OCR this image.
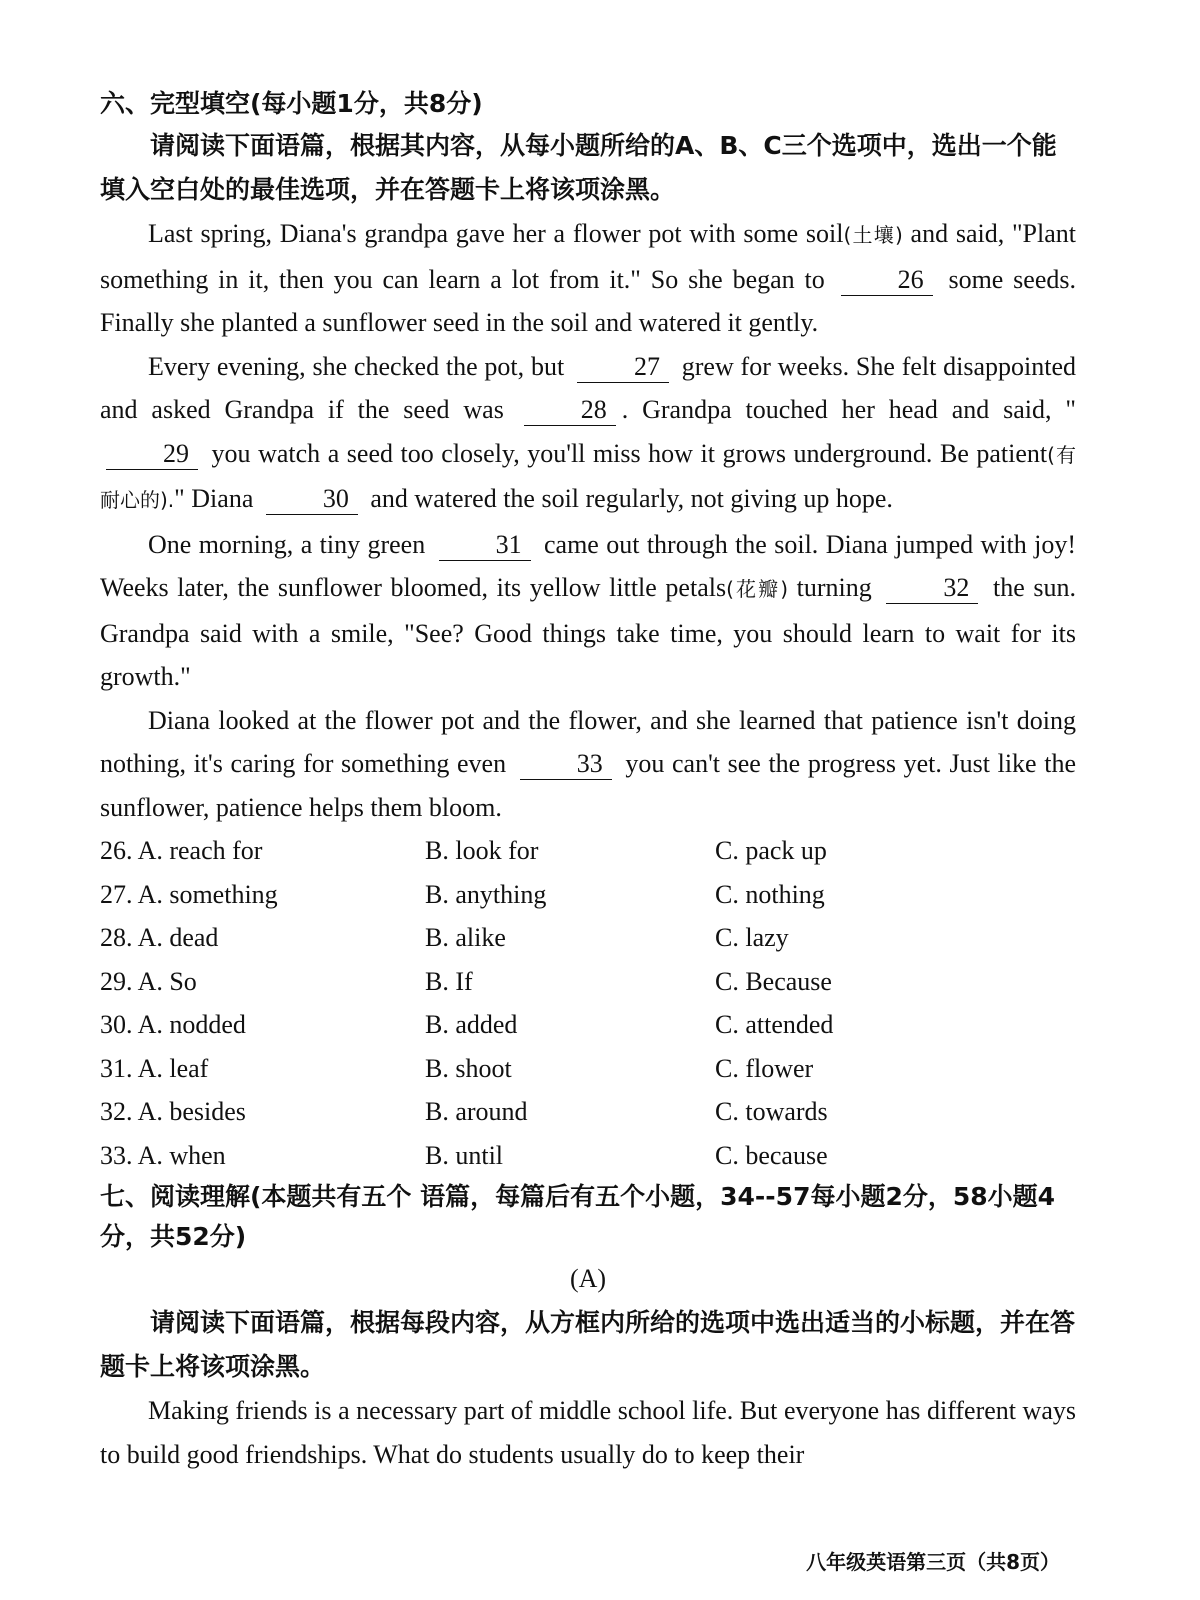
六、完型填空(每小题1分，共8分)

请阅读下面语篇，根据其内容，从每小题所给的A、B、C三个选项中，选出一个能填入空白处的最佳选项，并在答题卡上将该项涂黑。

Last spring, Diana's grandpa gave her a flower pot with some soil(土壤) and said, "Plant something in it, then you can learn a lot from it." So she began to	26 some seeds. Finally she planted a sunflower seed in the soil and watered it gently.

Every evening, she checked the pot, but	27 grew for weeks. She felt disappointed and asked Grandpa if the seed was	28 . Grandpa touched her head and said, "29 you watch a seed too closely, you'll miss how it grows underground. Be patient(有耐心的)." Diana	30 and watered the soil regularly, not giving up hope.

One morning, a tiny green	31 came out through the soil. Diana jumped with joy! Weeks later, the sunflower bloomed, its yellow little petals(花瓣) turning	32 the sun. Grandpa said with a smile, "See? Good things take time, you should learn to wait for its growth."

Diana looked at the flower pot and the flower, and she learned that patience isn't doing nothing, it's caring for something even	33 you can't see the progress yet. Just like the sunflower, patience helps them bloom.

26. A. reach for	B. look for	C. pack up
27. A. something	B. anything	C. nothing
28. A. dead	B. alike	C. lazy
29. A. So	B. If	C. Because
30. A. nodded	B. added	C. attended
31. A. leaf	B. shoot	C. flower
32. A. besides	B. around	C. towards
33. A. when	B. until	C. because

七、阅读理解(本题共有五个 语篇，每篇后有五个小题，34--57每小题2分，58小题4分，共52分)

(A)

请阅读下面语篇，根据每段内容，从方框内所给的选项中选出适当的小标题，并在答题卡上将该项涂黑。

Making friends is a necessary part of middle school life. But everyone has different ways to build good friendships. What do students usually do to keep their

八年级英语第三页（共8页）
